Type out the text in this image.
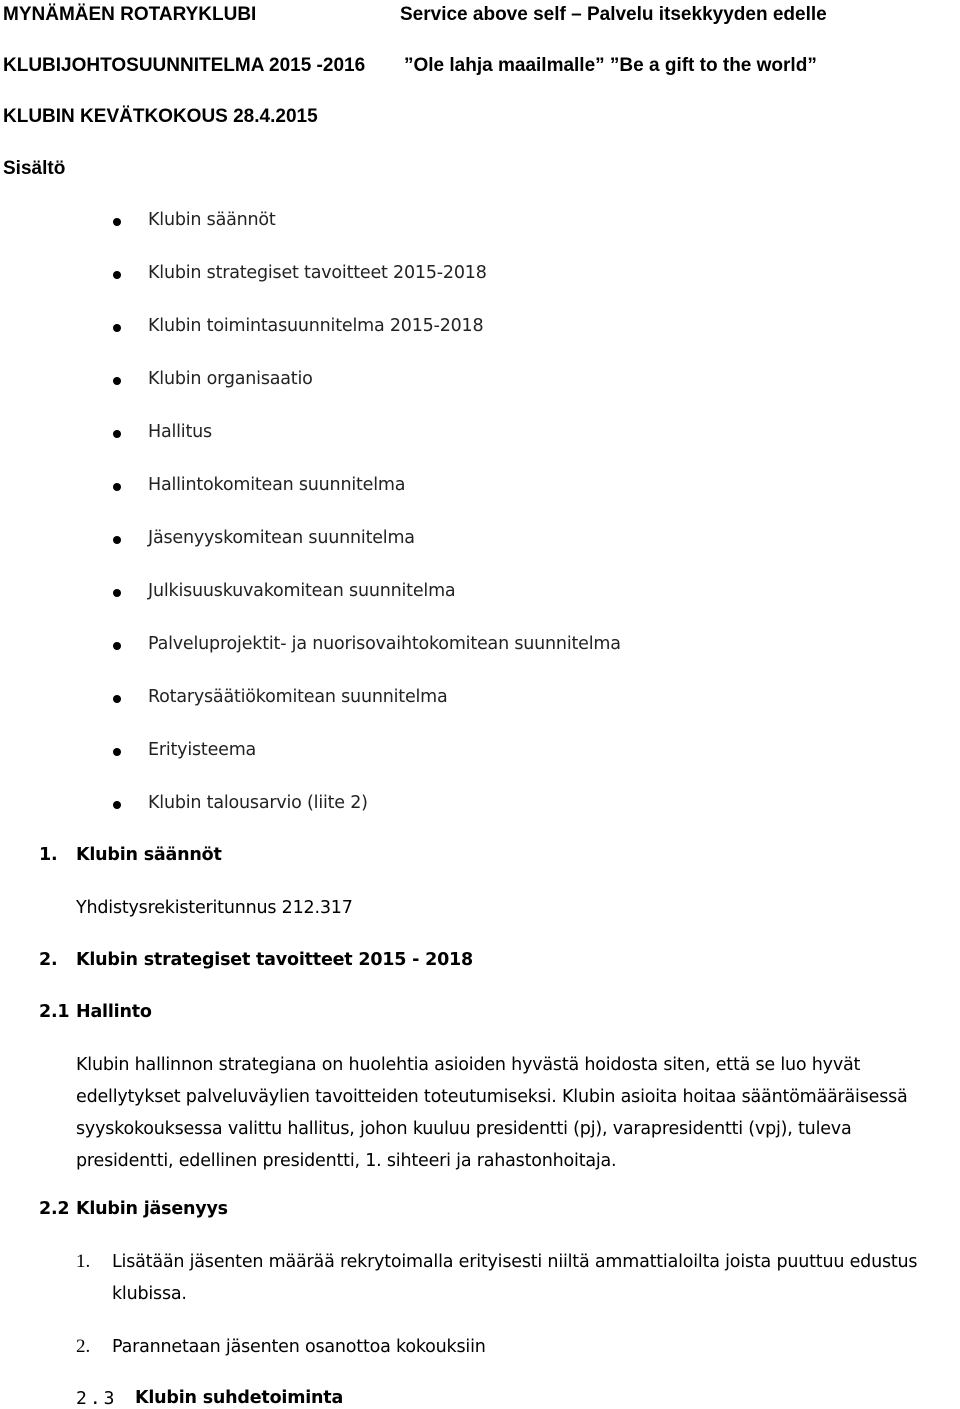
MYNÄMÄEN ROTARYKLUBI	Service above self – Palvelu itsekkyyden edelle
KLUBIJOHTOSUUNNITELMA 2015 -2016 ”Ole lahja maailmalle” ”Be a gift to the world”
KLUBIN KEVÄTKOKOUS 28.4.2015
Sisältö
Klubin säännöt
Klubin strategiset tavoitteet 2015-2018
Klubin toimintasuunnitelma 2015-2018
Klubin organisaatio
Hallitus
Hallintokomitean suunnitelma
Jäsenyyskomitean suunnitelma
Julkisuuskuvakomitean suunnitelma
Palveluprojektit- ja nuorisovaihtokomitean suunnitelma
Rotarysäätiökomitean suunnitelma
Erityisteema
Klubin talousarvio (liite 2)
1. Klubin säännöt
Yhdistysrekisteritunnus 212.317
2. Klubin strategiset tavoitteet 2015 - 2018
2.1 Hallinto
Klubin hallinnon strategiana on huolehtia asioiden hyvästä hoidosta siten, että se luo hyvät
edellytykset palveluväylien tavoitteiden toteutumiseksi. Klubin asioita hoitaa sääntömääräisessä
syyskokouksessa valittu hallitus, johon kuuluu presidentti (pj), varapresidentti (vpj), tuleva
presidentti, edellinen presidentti, 1. sihteeri ja rahastonhoitaja.
2.2 Klubin jäsenyys
1. Lisätään jäsenten määrää rekrytoimalla erityisesti niiltä ammattialoilta joista puuttuu edustus
klubissa.
2. Parannetaan jäsenten osanottoa kokouksiin
2.3 Klubin suhdetoiminta
